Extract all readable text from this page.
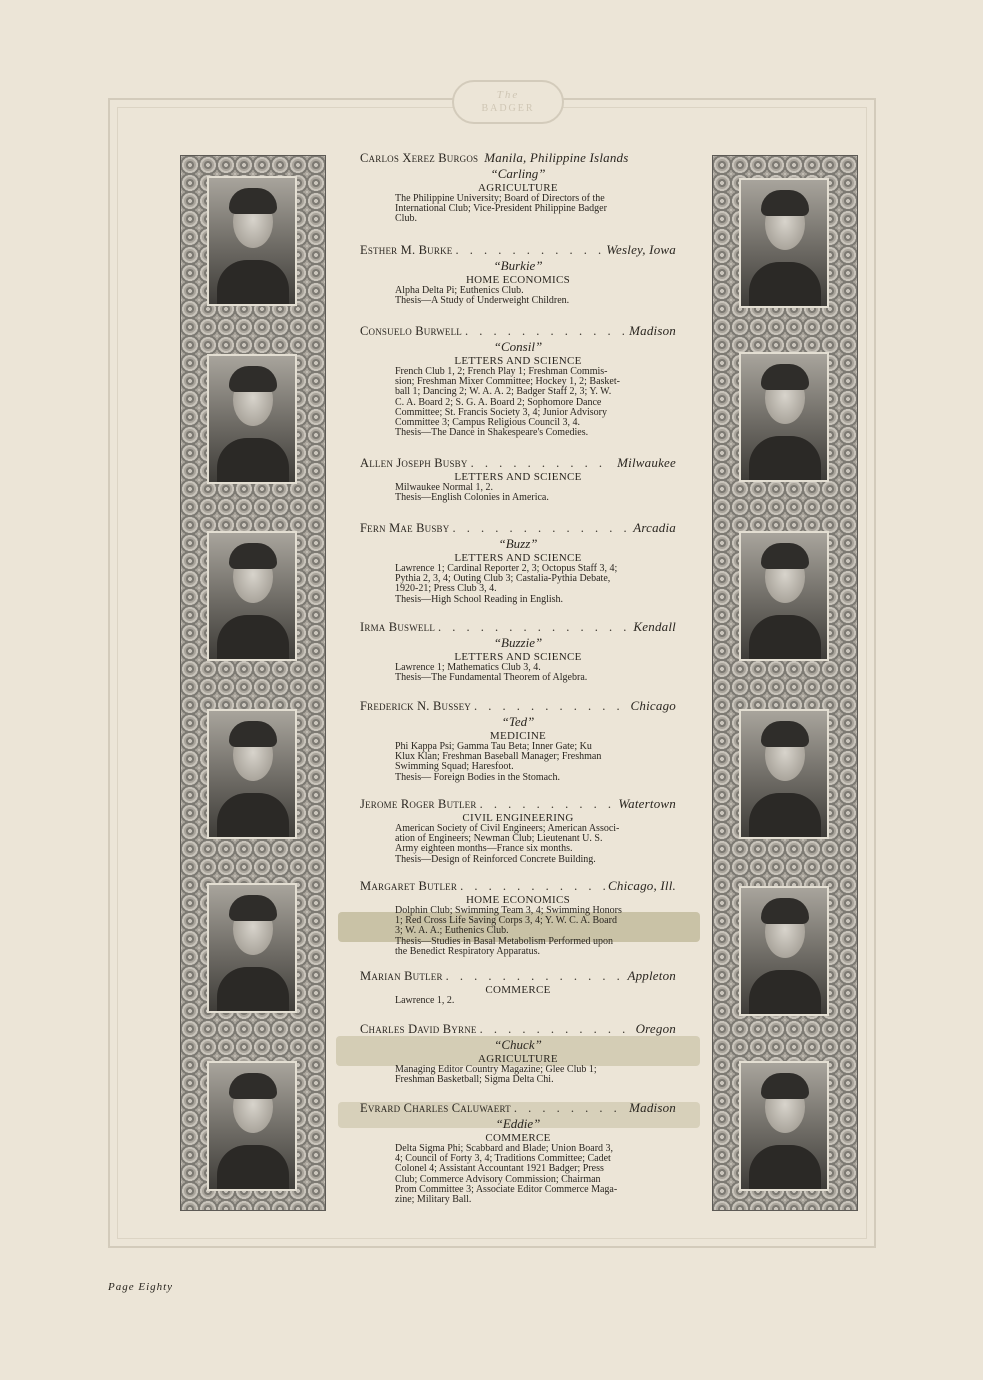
The
BADGER
Carlos Xerez Burgos Manila, Philippine Islands
“Carling”
AGRICULTURE
The Philippine University; Board of Directors of the
International Club; Vice-President Philippine Badger
Club.
Esther M. Burke . . .	Wesley, Iowa
“Burkie”
HOME ECONOMICS
Alpha Delta Pi; Euthenics Club.
Thesis—A Study of Underweight Children.
Consuelo Burwell . . .	Madison
“Consil”
LETTERS AND SCIENCE
French Club 1, 2; French Play 1; Freshman Commis-
sion; Freshman Mixer Committee; Hockey 1, 2; Basket-
ball 1; Dancing 2; W. A. A. 2; Badger Staff 2, 3; Y. W.
C. A. Board 2; S. G. A. Board 2; Sophomore Dance
Committee; St. Francis Society 3, 4; Junior Advisory
Committee 3; Campus Religious Council 3, 4.
Thesis—The Dance in Shakespeare's Comedies.
Allen Joseph Busby . . .	Milwaukee
LETTERS AND SCIENCE
Milwaukee Normal 1, 2.
Thesis—English Colonies in America.
Fern Mae Busby . . .	Arcadia
“Buzz”
LETTERS AND SCIENCE
Lawrence 1; Cardinal Reporter 2, 3; Octopus Staff 3, 4;
Pythia 2, 3, 4; Outing Club 3; Castalia-Pythia Debate,
1920-21; Press Club 3, 4.
Thesis—High School Reading in English.
Irma Buswell . . .	Kendall
“Buzzie”
LETTERS AND SCIENCE
Lawrence 1; Mathematics Club 3, 4.
Thesis—The Fundamental Theorem of Algebra.
Frederick N. Bussey . . .	Chicago
“Ted”
MEDICINE
Phi Kappa Psi; Gamma Tau Beta; Inner Gate; Ku
Klux Klan; Freshman Baseball Manager; Freshman
Swimming Squad; Haresfoot.
Thesis— Foreign Bodies in the Stomach.
Jerome Roger Butler . . .	Watertown
CIVIL ENGINEERING
American Society of Civil Engineers; American Associ-
ation of Engineers; Newman Club; Lieutenant U. S.
Army eighteen months—France six months.
Thesis—Design of Reinforced Concrete Building.
Margaret Butler . . .	Chicago, Ill.
HOME ECONOMICS
Dolphin Club; Swimming Team 3, 4; Swimming Honors
1; Red Cross Life Saving Corps 3, 4; Y. W. C. A. Board
3; W. A. A.; Euthenics Club.
Thesis—Studies in Basal Metabolism Performed upon
the Benedict Respiratory Apparatus.
Marian Butler . . .	Appleton
COMMERCE
Lawrence 1, 2.
Charles David Byrne . . .	Oregon
“Chuck”
AGRICULTURE
Managing Editor Country Magazine; Glee Club 1;
Freshman Basketball; Sigma Delta Chi.
Evrard Charles Caluwaert . . .	Madison
“Eddie”
COMMERCE
Delta Sigma Phi; Scabbard and Blade; Union Board 3,
4; Council of Forty 3, 4; Traditions Committee; Cadet
Colonel 4; Assistant Accountant 1921 Badger; Press
Club; Commerce Advisory Commission; Chairman
Prom Committee 3; Associate Editor Commerce Maga-
zine; Military Ball.
Page Eighty
